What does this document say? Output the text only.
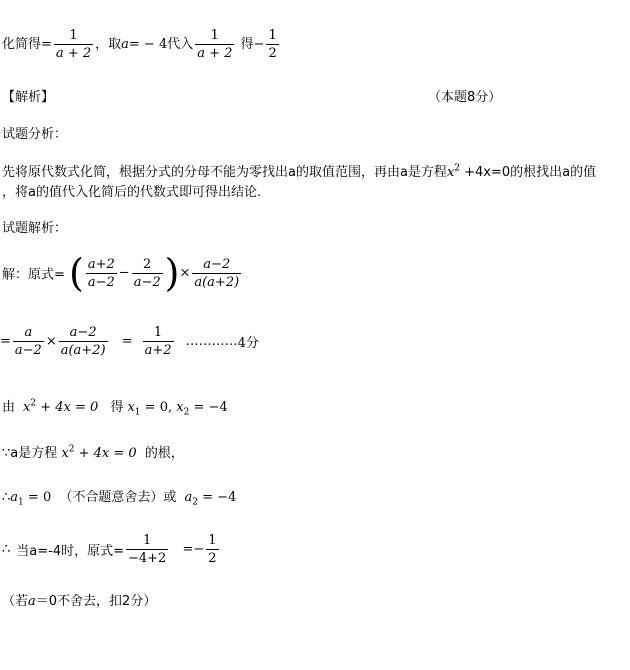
化简得= $\frac{1}{a + 2}$ ，取a= − 4代入 $\frac{1}{a + 2}$ 得− $\frac{1}{2}$
【解析】	（本题8分）
试题分析：
先将原代数式化简，根据分式的分母不能为零找出a的取值范围，再由a是方程$x^2 +4x=0$的根找出a的值
，将a的值代入化简后的代数式即可得出结论.
试题解析：
解：原式= ( $\frac{a+2}{a-2} - \frac{2}{a-2}$ )× $\frac{a-2}{a(a+2)}$
= $\frac{a}{a-2} \times \frac{a-2}{a(a+2)} = \frac{1}{a+2}$ …………4分
由 $x^2 + 4x = 0$ 得 $x_1 = 0$, $x_2 = -4$
∵a是方程 $x^2 + 4x = 0$ 的根，
$\therefore a_1 = 0$ （不合题意舍去）或 $a_2 = -4$
∴ 当a=-4时，原式= $\frac{1}{-4+2} =- \frac{1}{2}$
（若a＝0不舍去，扣2分）
